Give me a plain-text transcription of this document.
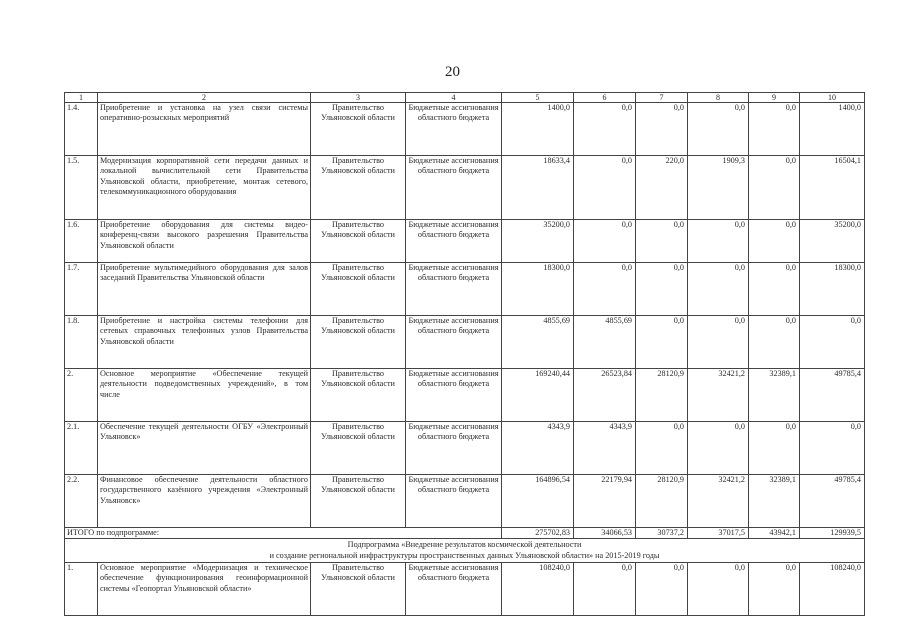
20
1	2	3	4	5	6	7	8	9	10
1.4.	Приобретение и установка на узел связи системы оперативно-розыскных мероприятий	Правительство Ульяновской области	Бюджетные ассигнования областного бюджета	1400,0	0,0	0,0	0,0	0,0	1400,0
1.5.	Модернизация корпоративной сети передачи данных и локальной вычислительной сети Правительства Ульяновской области, приобретение, монтаж сетевого, телекоммуникационного оборудования	Правительство Ульяновской области	Бюджетные ассигнования областного бюджета	18633,4	0,0	220,0	1909,3	0,0	16504,1
1.6.	Приобретение оборудования для системы видео-конференц-связи высокого разрешения Правительства Ульяновской области	Правительство Ульяновской области	Бюджетные ассигнования областного бюджета	35200,0	0,0	0,0	0,0	0,0	35200,0
1.7.	Приобретение мультимедийного оборудования для залов заседаний Правительства Ульяновской области	Правительство Ульяновской области	Бюджетные ассигнования областного бюджета	18300,0	0,0	0,0	0,0	0,0	18300,0
1.8.	Приобретение и настройка системы телефонии для сетевых справочных телефонных узлов Правительства Ульяновской области	Правительство Ульяновской области	Бюджетные ассигнования областного бюджета	4855,69	4855,69	0,0	0,0	0,0	0,0
2.	Основное мероприятие «Обеспечение текущей деятельности подведомственных учреждений», в том числе	Правительство Ульяновской области	Бюджетные ассигнования областного бюджета	169240,44	26523,84	28120,9	32421,2	32389,1	49785,4
2.1.	Обеспечение текущей деятельности ОГБУ «Электронный Ульяновск»	Правительство Ульяновской области	Бюджетные ассигнования областного бюджета	4343,9	4343,9	0,0	0,0	0,0	0,0
2.2.	Финансовое обеспечение деятельности областного государственного казённого учреждения «Электронный Ульяновск»	Правительство Ульяновской области	Бюджетные ассигнования областного бюджета	164896,54	22179,94	28120,9	32421,2	32389,1	49785,4
ИТОГО по подпрограмме:				275702,83	34066,53	30737,2	37017,5	43942,1	129939,5

Подпрограмма «Внедрение результатов космической деятельности
и создание региональной инфраструктуры пространственных данных Ульяновской области» на 2015-2019 годы									

1.	Основное мероприятие «Модернизация и техническое обеспечение функционирования геоинформационной системы «Геопортал Ульяновской области»	Правительство Ульяновской области	Бюджетные ассигнования областного бюджета	108240,0	0,0	0,0	0,0	0,0	108240,0
